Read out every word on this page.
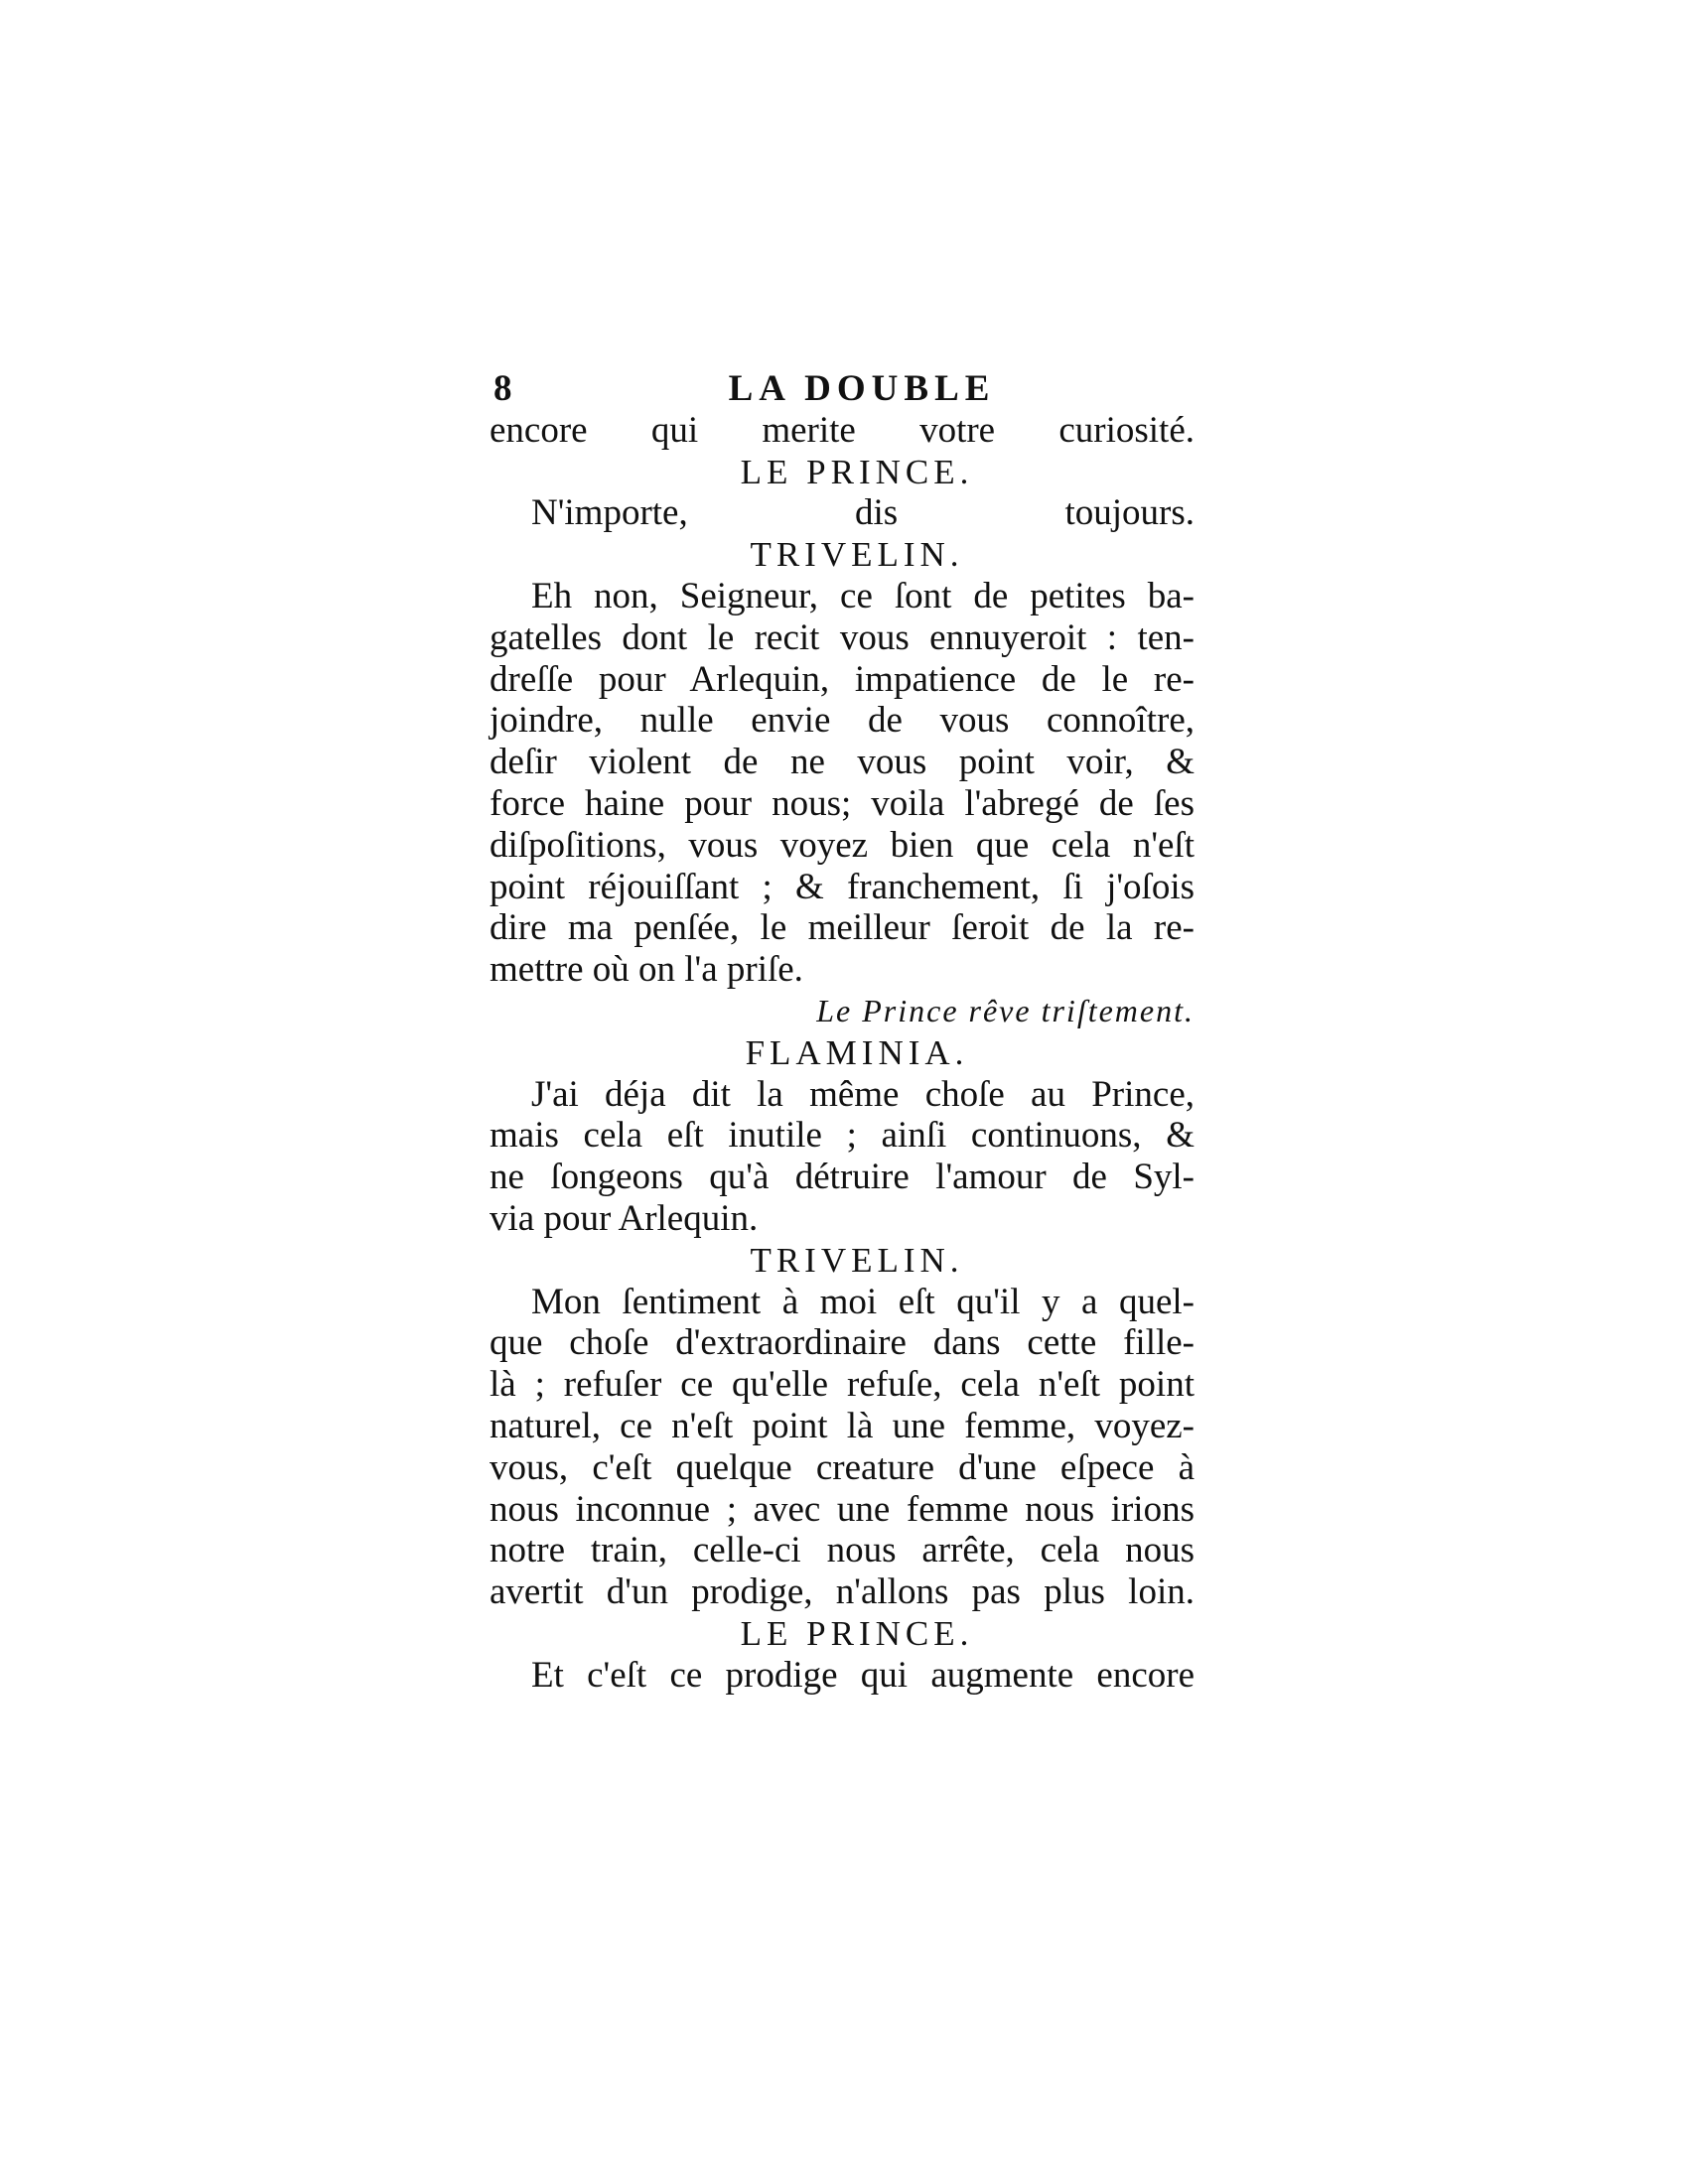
8	LA DOUBLE
encore qui merite votre curiosité.
LE PRINCE.
N'importe, dis toujours.
TRIVELIN.
Eh non, Seigneur, ce ſont de petites ba-
gatelles dont le recit vous ennuyeroit : ten-
dreſſe pour Arlequin, impatience de le re-
joindre, nulle envie de vous connoître,
deſir violent de ne vous point voir, &
force haine pour nous; voila l'abregé de ſes
diſpoſitions, vous voyez bien que cela n'eſt
point réjouiſſant ; & franchement, ſi j'oſois
dire ma penſée, le meilleur ſeroit de la re-
mettre où on l'a priſe.
Le Prince rêve triſtement.
FLAMINIA.
J'ai déja dit la même choſe au Prince,
mais cela eſt inutile ; ainſi continuons, &
ne ſongeons qu'à détruire l'amour de Syl-
via pour Arlequin.
TRIVELIN.
Mon ſentiment à moi eſt qu'il y a quel-
que choſe d'extraordinaire dans cette fille-
là ; refuſer ce qu'elle refuſe, cela n'eſt point
naturel, ce n'eſt point là une femme, voyez-
vous, c'eſt quelque creature d'une eſpece à
nous inconnue ; avec une femme nous irions
notre train, celle-ci nous arrête, cela nous
avertit d'un prodige, n'allons pas plus loin.
LE PRINCE.
Et c'eſt ce prodige qui augmente encore
